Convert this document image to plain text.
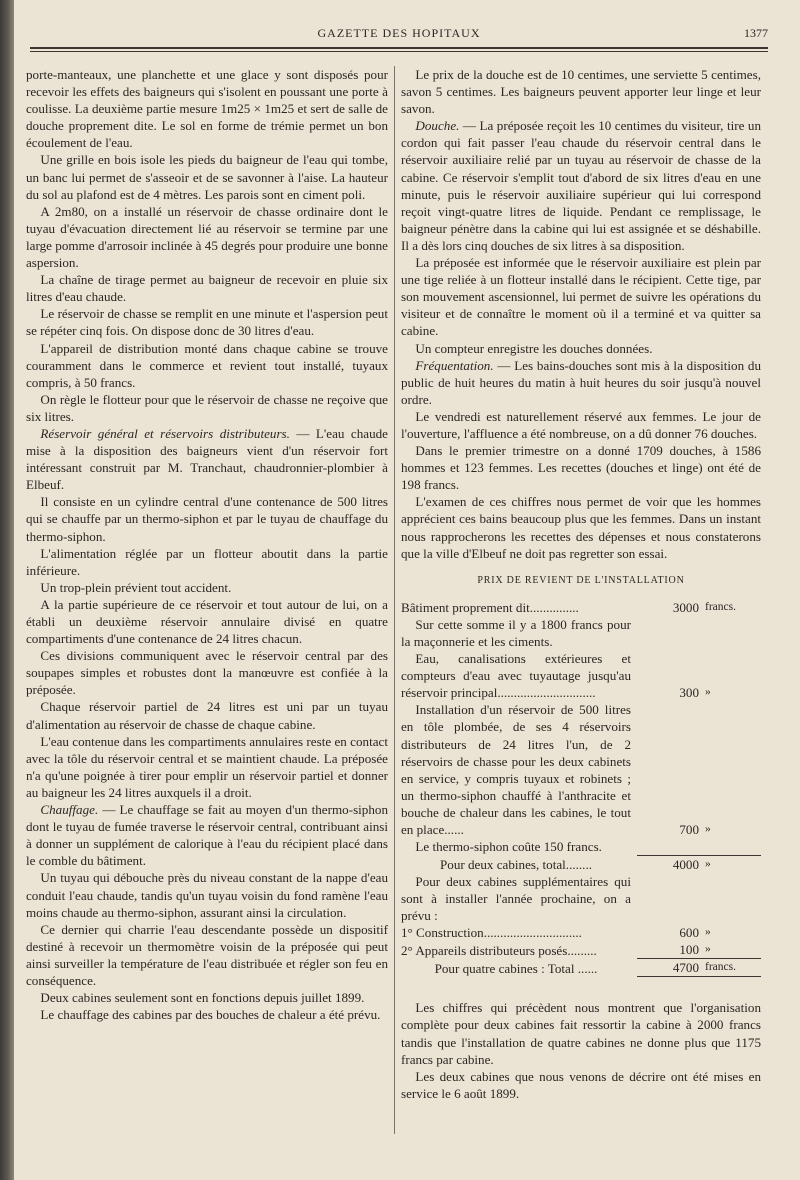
GAZETTE DES HOPITAUX	1377

porte-manteaux, une planchette et une glace y sont disposés pour recevoir les effets des baigneurs qui s'isolent en poussant une porte à coulisse. La deuxième partie mesure 1m25 × 1m25 et sert de salle de douche proprement dite. Le sol en forme de trémie permet un bon écoulement de l'eau.

Une grille en bois isole les pieds du baigneur de l'eau qui tombe, un banc lui permet de s'asseoir et de se savonner à l'aise. La hauteur du sol au plafond est de 4 mètres. Les parois sont en ciment poli.

A 2m80, on a installé un réservoir de chasse ordinaire dont le tuyau d'évacuation directement lié au réservoir se termine par une large pomme d'arrosoir inclinée à 45 degrés pour produire une bonne aspersion.

La chaîne de tirage permet au baigneur de recevoir en pluie six litres d'eau chaude.

Le réservoir de chasse se remplit en une minute et l'aspersion peut se répéter cinq fois. On dispose donc de 30 litres d'eau.

L'appareil de distribution monté dans chaque cabine se trouve couramment dans le commerce et revient tout installé, tuyaux compris, à 50 francs.

On règle le flotteur pour que le réservoir de chasse ne reçoive que six litres.

Réservoir général et réservoirs distributeurs. — L'eau chaude mise à la disposition des baigneurs vient d'un réservoir fort intéressant construit par M. Tranchaut, chaudronnier-plombier à Elbeuf.

Il consiste en un cylindre central d'une contenance de 500 litres qui se chauffe par un thermo-siphon et par le tuyau de chauffage du thermo-siphon.

L'alimentation réglée par un flotteur aboutit dans la partie inférieure.

Un trop-plein prévient tout accident.

A la partie supérieure de ce réservoir et tout autour de lui, on a établi un deuxième réservoir annulaire divisé en quatre compartiments d'une contenance de 24 litres chacun.

Ces divisions communiquent avec le réservoir central par des soupapes simples et robustes dont la manœuvre est confiée à la préposée.

Chaque réservoir partiel de 24 litres est uni par un tuyau d'alimentation au réservoir de chasse de chaque cabine.

L'eau contenue dans les compartiments annulaires reste en contact avec la tôle du réservoir central et se maintient chaude. La préposée n'a qu'une poignée à tirer pour emplir un réservoir partiel et donner au baigneur les 24 litres auxquels il a droit.

Chauffage. — Le chauffage se fait au moyen d'un thermo-siphon dont le tuyau de fumée traverse le réservoir central, contribuant ainsi à donner un supplément de calorique à l'eau du récipient placé dans le comble du bâtiment.

Un tuyau qui débouche près du niveau constant de la nappe d'eau conduit l'eau chaude, tandis qu'un tuyau voisin du fond ramène l'eau moins chaude au thermo-siphon, assurant ainsi la circulation.

Ce dernier qui charrie l'eau descendante possède un dispositif destiné à recevoir un thermomètre voisin de la préposée qui peut ainsi surveiller la température de l'eau distribuée et régler son feu en conséquence.

Deux cabines seulement sont en fonctions depuis juillet 1899.

Le chauffage des cabines par des bouches de chaleur a été prévu.

Le prix de la douche est de 10 centimes, une serviette 5 centimes, savon 5 centimes. Les baigneurs peuvent apporter leur linge et leur savon.

Douche. — La préposée reçoit les 10 centimes du visiteur, tire un cordon qui fait passer l'eau chaude du réservoir central dans le réservoir auxiliaire relié par un tuyau au réservoir de chasse de la cabine. Ce réservoir s'emplit tout d'abord de six litres d'eau en une minute, puis le réservoir auxiliaire supérieur qui lui correspond reçoit vingt-quatre litres de liquide. Pendant ce remplissage, le baigneur pénètre dans la cabine qui lui est assignée et se déshabille. Il a dès lors cinq douches de six litres à sa disposition.

La préposée est informée que le réservoir auxiliaire est plein par une tige reliée à un flotteur installé dans le récipient. Cette tige, par son mouvement ascensionnel, lui permet de suivre les opérations du visiteur et de connaître le moment où il a terminé et va quitter sa cabine.

Un compteur enregistre les douches données.

Fréquentation. — Les bains-douches sont mis à la disposition du public de huit heures du matin à huit heures du soir jusqu'à nouvel ordre.

Le vendredi est naturellement réservé aux femmes. Le jour de l'ouverture, l'affluence a été nombreuse, on a dû donner 76 douches.

Dans le premier trimestre on a donné 1709 douches, à 1586 hommes et 123 femmes. Les recettes (douches et linge) ont été de 198 francs.

L'examen de ces chiffres nous permet de voir que les hommes apprécient ces bains beaucoup plus que les femmes. Dans un instant nous rapprocherons les recettes des dépenses et nous constaterons que la ville d'Elbeuf ne doit pas regretter son essai.

PRIX DE REVIENT DE L'INSTALLATION
Bâtiment proprement dit...............	3000	francs.
Sur cette somme il y a 1800 francs pour la maçonnerie et les ciments.		
Eau, canalisations extérieures et compteurs d'eau avec tuyautage jusqu'au réservoir principal..............................	300	»
Installation d'un réservoir de 500 litres en tôle plombée, de ses 4 réservoirs distributeurs de 24 litres l'un, de 2 réservoirs de chasse pour les deux cabinets en service, y compris tuyaux et robinets ; un thermo-siphon chauffé à l'anthracite et bouche de chaleur dans les cabines, le tout en place......	700	»
Le thermo-siphon coûte 150 francs.		
Pour deux cabines, total........	4000	»
Pour deux cabines supplémentaires qui sont à installer l'année prochaine, on a prévu :		
1° Construction..............................	600	»
2° Appareils distributeurs posés.........	100	»
Pour quatre cabines : Total ......	4700	francs.

Les chiffres qui précèdent nous montrent que l'organisation complète pour deux cabines fait ressortir la cabine à 2000 francs tandis que l'installation de quatre cabines ne donne plus que 1175 francs par cabine.

Les deux cabines que nous venons de décrire ont été mises en service le 6 août 1899.
